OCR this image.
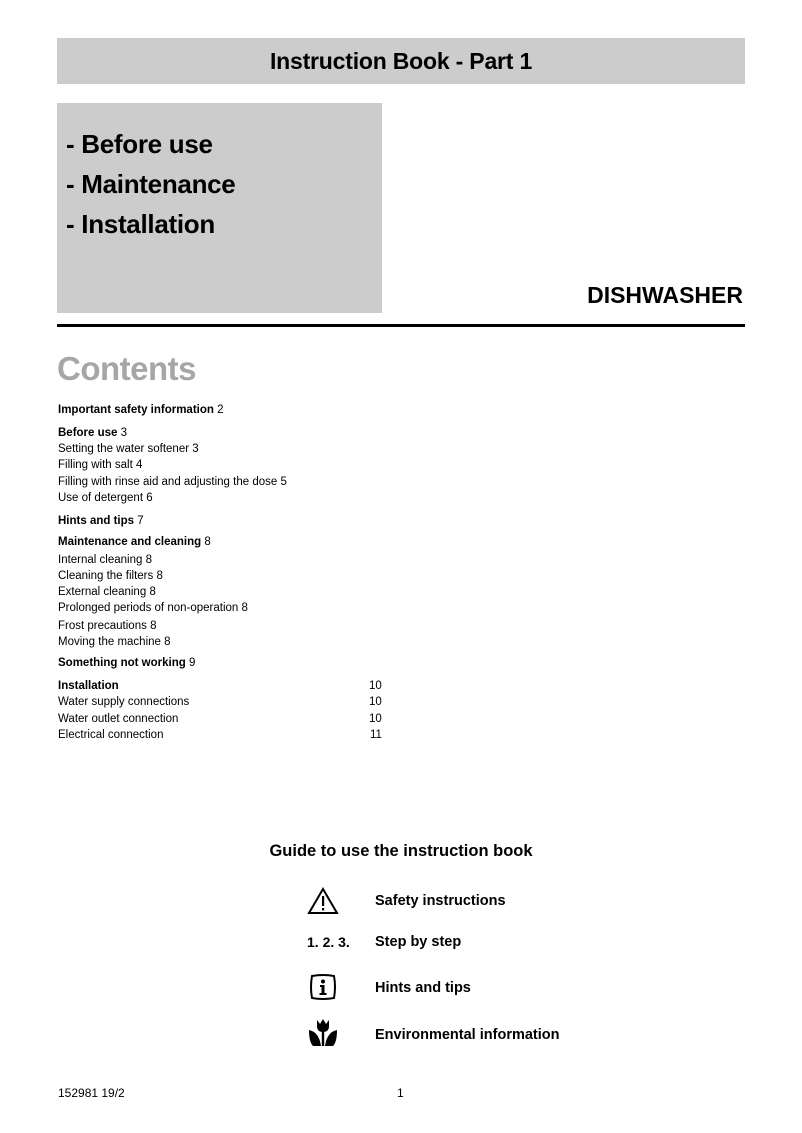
Instruction Book - Part 1
- Before use
- Maintenance
- Installation
DISHWASHER
Contents
Important safety information 2
Before use 3
Setting the water softener 3
Filling with salt 4
Filling with rinse aid and adjusting the dose 5
Use of detergent 6
Hints and tips 7
Maintenance and cleaning 8
Internal cleaning 8
Cleaning the filters 8
External cleaning 8
Prolonged periods of non-operation 8
Frost precautions 8
Moving the machine 8
Something not working 9
Installation	10
Water supply connections	10
Water outlet connection	10
Electrical connection	11
Guide to use the instruction book
Safety instructions
1. 2. 3. Step by step
Hints and tips
Environmental information
152981 19/2	1
